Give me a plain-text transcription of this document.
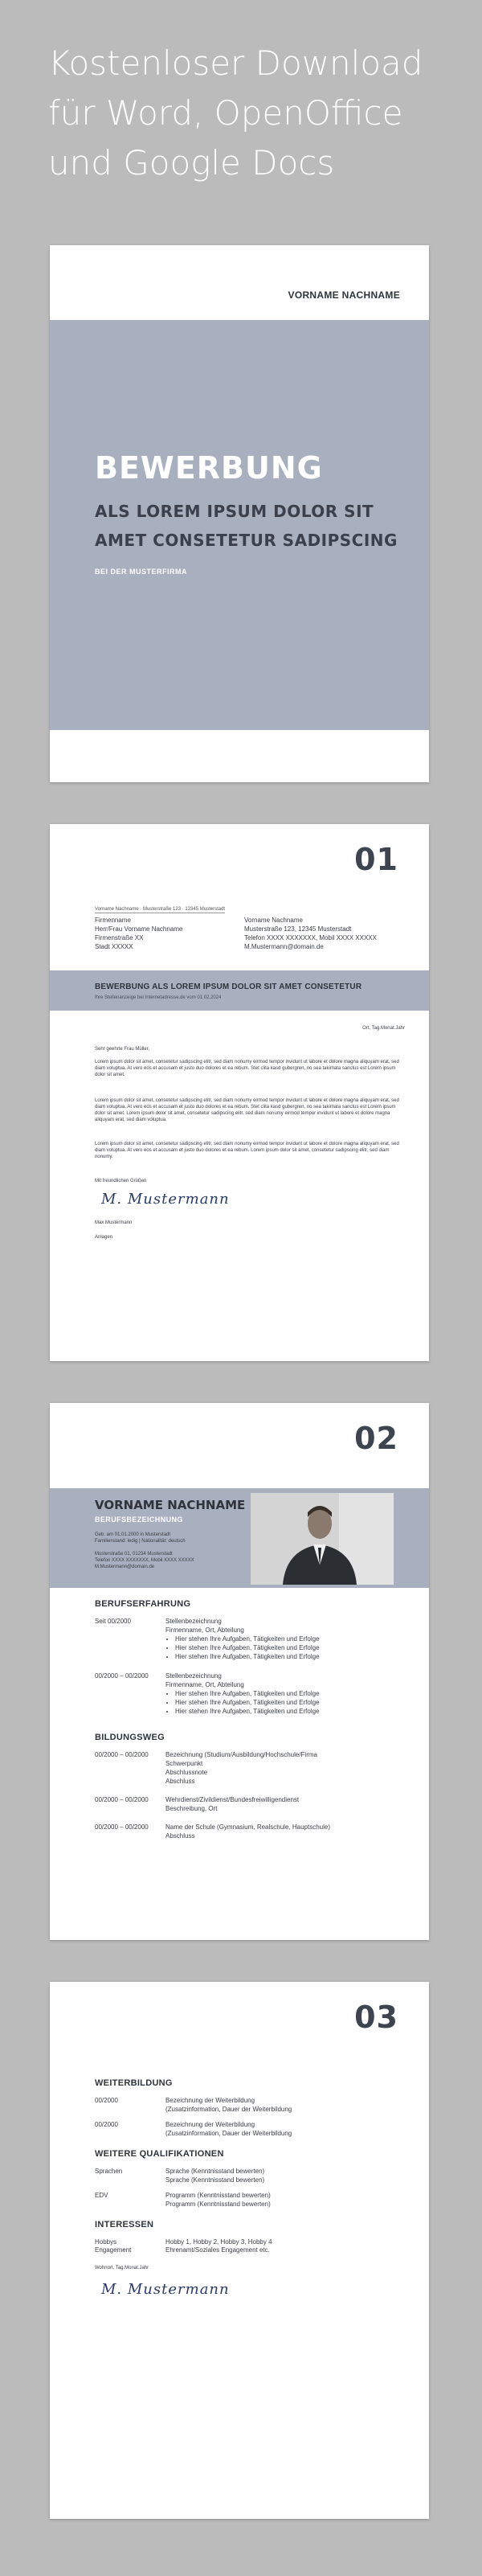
Kostenloser Download
für Word, OpenOffice
und Google Docs
VORNAME NACHNAME
BEWERBUNG
ALS LOREM IPSUM DOLOR SIT
AMET CONSETETUR SADIPSCING
BEI DER MUSTERFIRMA
01
Vorname Nachname · Musterstraße 123 · 12345 Musterstadt
Firmenname
Herr/Frau Vorname Nachname
Firmenstraße XX
Stadt XXXXX
Vorname Nachname
Musterstraße 123, 12345 Musterstadt
Telefon XXXX XXXXXXX, Mobil XXXX XXXXX
M.Mustermann@domain.de
BEWERBUNG ALS LOREM IPSUM DOLOR SIT AMET CONSETETUR
Ihre Stellenanzeige bei Internetadresse.de vom 01.02.2024
Ort, Tag.Monat.Jahr
Sehr geehrte Frau Müller,
Lorem ipsum dolor sit amet, consetetur sadipscing elitr, sed diam nonumy eirmod tempor invidunt ut labore et dolore magna aliquyam erat, sed diam voluptua. At vero eos et accusam et justo duo dolores et ea rebum. Stet clita kasd gubergren, no sea takimata sanctus est Lorem ipsum dolor sit amet.
Lorem ipsum dolor sit amet, consetetur sadipscing elitr, sed diam nonumy eirmod tempor invidunt ut labore et dolore magna aliquyam erat, sed diam voluptua. At vero eos et accusam et justo duo dolores et ea rebum. Stet clita kasd gubergren, no sea takimata sanctus est Lorem ipsum dolor sit amet. Lorem ipsum dolor sit amet, consetetur sadipscing elitr, sed diam nonumy eirmod tempor invidunt ut labore et dolore magna aliquyam erat, sed diam voluptua.
Lorem ipsum dolor sit amet, consetetur sadipscing elitr, sed diam nonumy eirmod tempor invidunt ut labore et dolore magna aliquyam erat, sed diam voluptua. At vero eos et accusam et justo duo dolores et ea rebum. Lorem ipsum dolor sit amet, consetetur sadipscing elitr, sed diam nonumy.
Mit freundlichen Grüßen
M. Mustermann
Max Mustermann
Anlagen
02
VORNAME NACHNAME
BERUFSBEZEICHNUNG
Geb. am 01.01.2000 in Musterstadt
Familienstand: ledig | Nationalität: deutsch
Musterstraße 01, 01234 Musterstadt
Telefon XXXX XXXXXXX, Mobil XXXX XXXXX
M.Mustermann@domain.de
BERUFSERFAHRUNG
Seit 00/2000	Stellenbezeichnung
Firmenname, Ort, Abteilung
• Hier stehen Ihre Aufgaben, Tätigkeiten und Erfolge
• Hier stehen Ihre Aufgaben, Tätigkeiten und Erfolge
• Hier stehen Ihre Aufgaben, Tätigkeiten und Erfolge
00/2000 – 00/2000	Stellenbezeichnung
Firmenname, Ort, Abteilung
• Hier stehen Ihre Aufgaben, Tätigkeiten und Erfolge
• Hier stehen Ihre Aufgaben, Tätigkeiten und Erfolge
• Hier stehen Ihre Aufgaben, Tätigkeiten und Erfolge
BILDUNGSWEG
00/2000 – 00/2000	Bezeichnung (Studium/Ausbildung/Hochschule/Firma
Schwerpunkt
Abschlussnote
Abschluss
00/2000 – 00/2000	Wehrdienst/Zivildienst/Bundesfreiwilligendienst
Beschreibung, Ort
00/2000 – 00/2000	Name der Schule (Gymnasium, Realschule, Hauptschule)
Abschluss
03
WEITERBILDUNG
00/2000	Bezeichnung der Weiterbildung
(Zusatzinformation, Dauer der Weiterbildung
00/2000	Bezeichnung der Weiterbildung
(Zusatzinformation, Dauer der Weiterbildung
WEITERE QUALIFIKATIONEN
Sprachen	Sprache (Kenntnisstand bewerten)
Sprache (Kenntnisstand bewerten)
EDV	Programm (Kenntnisstand bewerten)
Programm (Kenntnisstand bewerten)
INTERESSEN
Hobbys	Hobby 1, Hobby 2, Hobby 3, Hobby 4
Engagement	Ehrenamt/Soziales Engagement etc.
Wohnort, Tag.Monat.Jahr
M. Mustermann
